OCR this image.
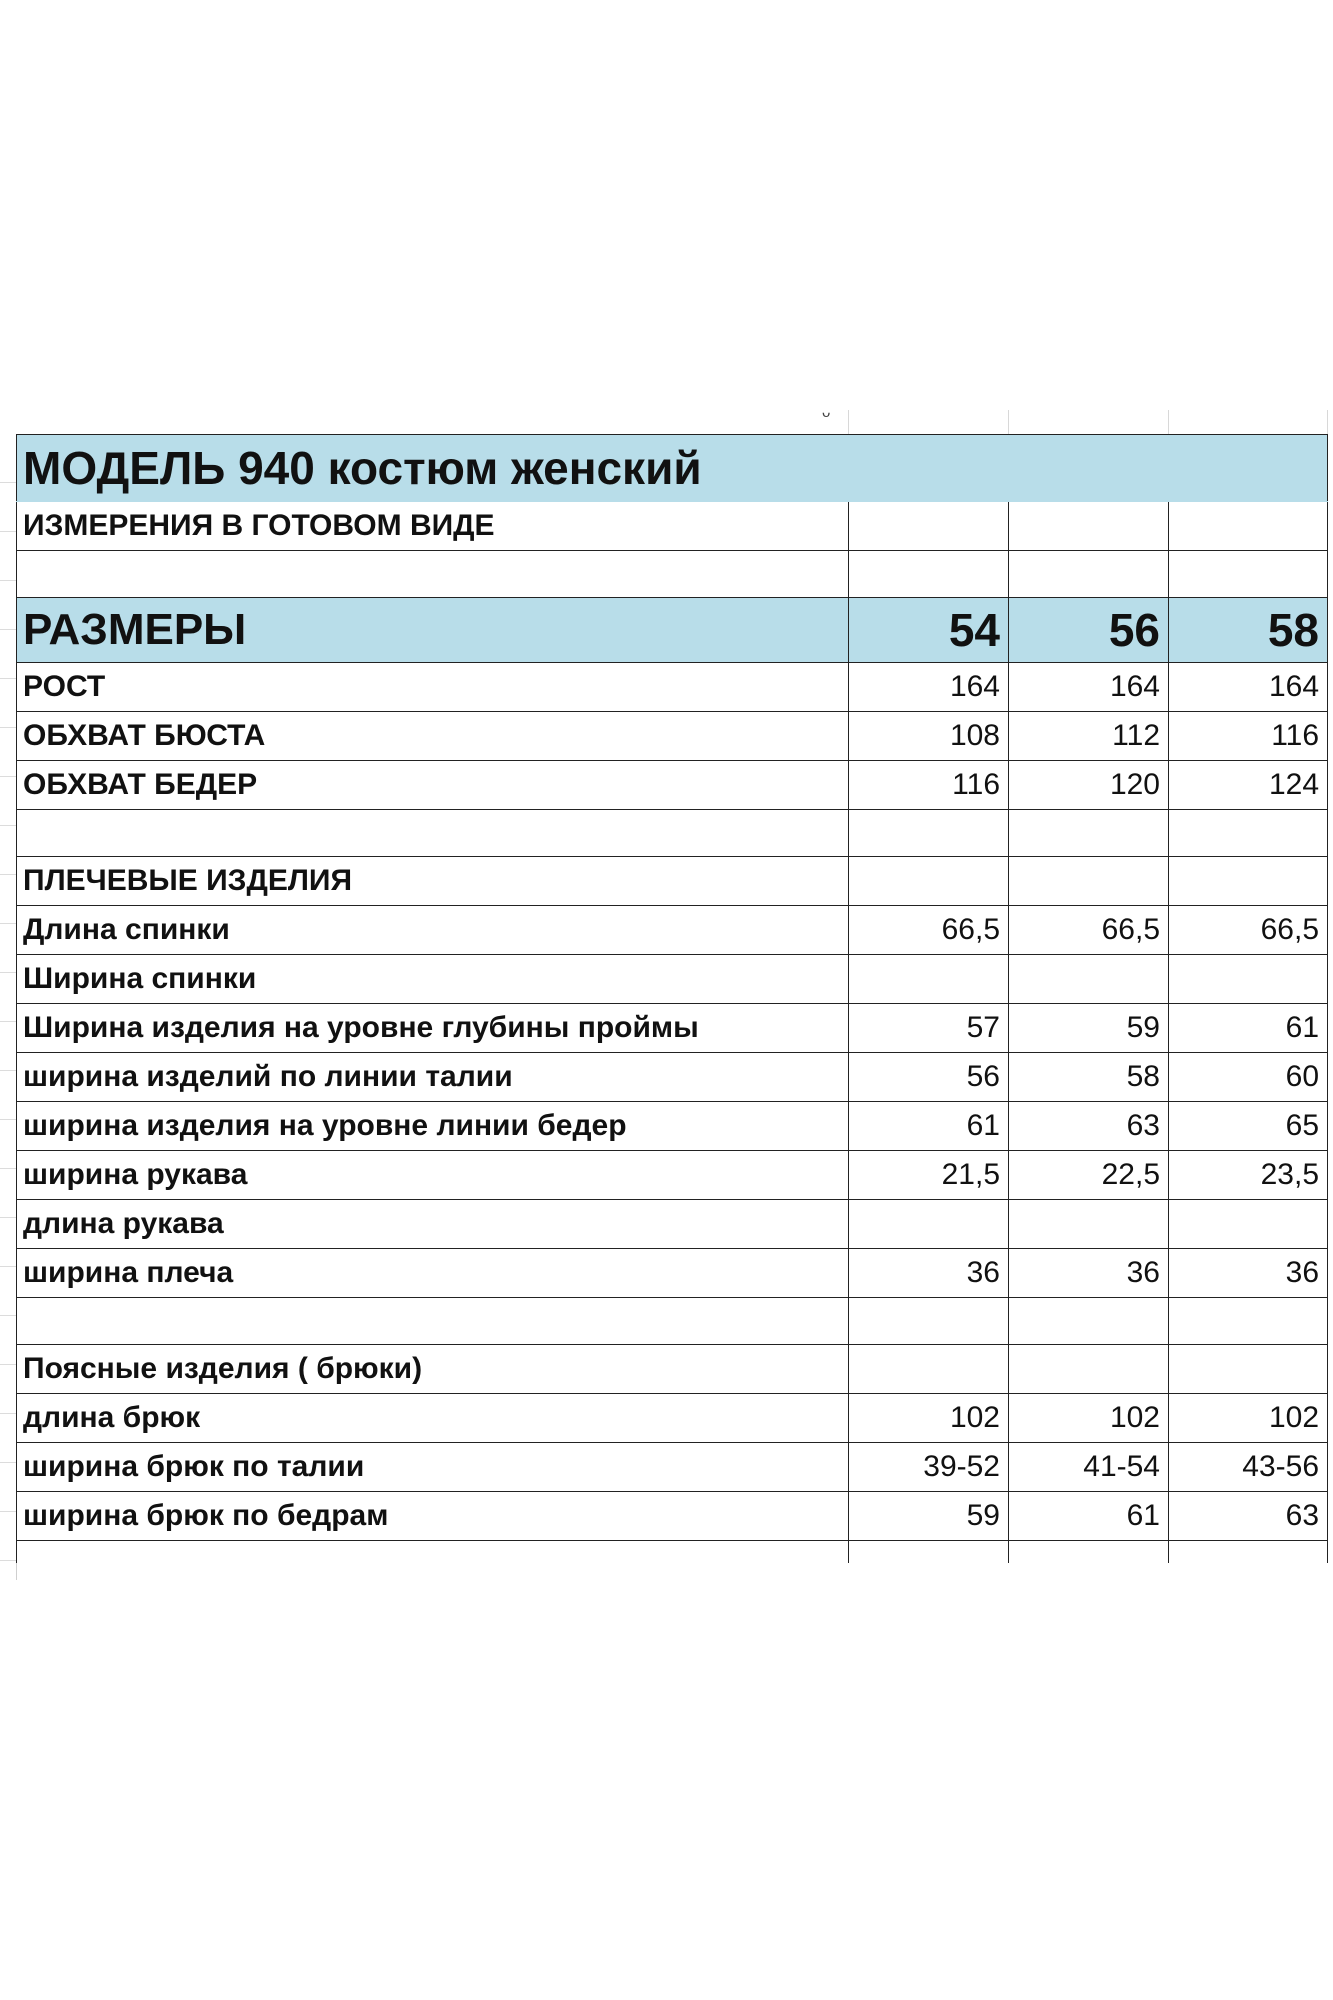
ᵕ
МОДЕЛЬ 940 костюм женский			
ИЗМЕРЕНИЯ В ГОТОВОМ ВИДЕ			

РАЗМЕРЫ	54	56	58
РОСТ	164	164	164
ОБХВАТ БЮСТА	108	112	116
ОБХВАТ БЕДЕР	116	120	124

ПЛЕЧЕВЫЕ ИЗДЕЛИЯ			
Длина спинки	66,5	66,5	66,5
Ширина спинки			
Ширина изделия на уровне глубины проймы	57	59	61
ширина изделий по линии талии	56	58	60
ширина изделия на уровне линии бедер	61	63	65
ширина рукава	21,5	22,5	23,5
длина рукава			
ширина плеча	36	36	36

Поясные изделия ( брюки)			
длина брюк	102	102	102
ширина брюк по талии	39-52	41-54	43-56
ширина брюк по бедрам	59	61	63
